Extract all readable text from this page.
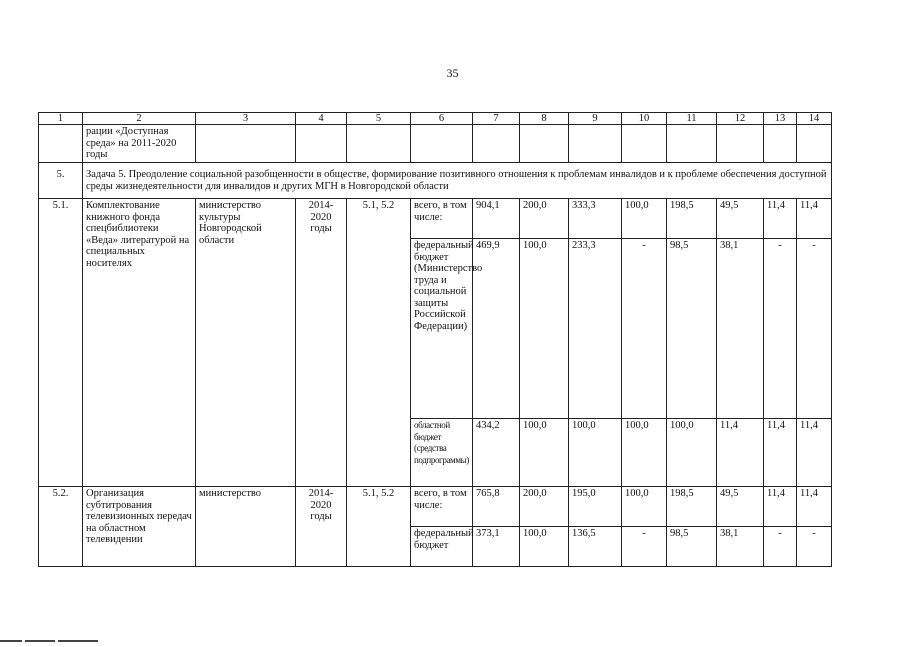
35
1	2	3	4	5	6	7	8	9	10	11	12	13	14
	рации «Доступная среда» на 2011-2020 годы												
5.	Задача 5. Преодоление социальной разобщенности в обществе, формирование позитивного отношения к проблемам инвалидов и к проблеме обеспечения доступной среды жизнедеятельности для инвалидов и других МГН в Новгородской области												
5.1.	Комплектование книжного фонда спецбиблиотеки «Веда» литературой на специальных носителях	министерство культуры Новгородской области	2014-2020 годы	5.1, 5.2	всего, в том числе:	904,1	200,0	333,3	100,0	198,5	49,5	11,4	11,4
					федеральный бюджет (Министерство труда и социальной защиты Российской Федерации)	469,9	100,0	233,3	-	98,5	38,1	-	-
					областной бюджет (средства подпрограммы)	434,2	100,0	100,0	100,0	100,0	11,4	11,4	11,4
5.2.	Организация субтитрования телевизионных передач на областном телевидении	министерство	2014-2020 годы	5.1, 5.2	всего, в том числе:	765,8	200,0	195,0	100,0	198,5	49,5	11,4	11,4
					федеральный бюджет	373,1	100,0	136,5	-	98,5	38,1	-	-
